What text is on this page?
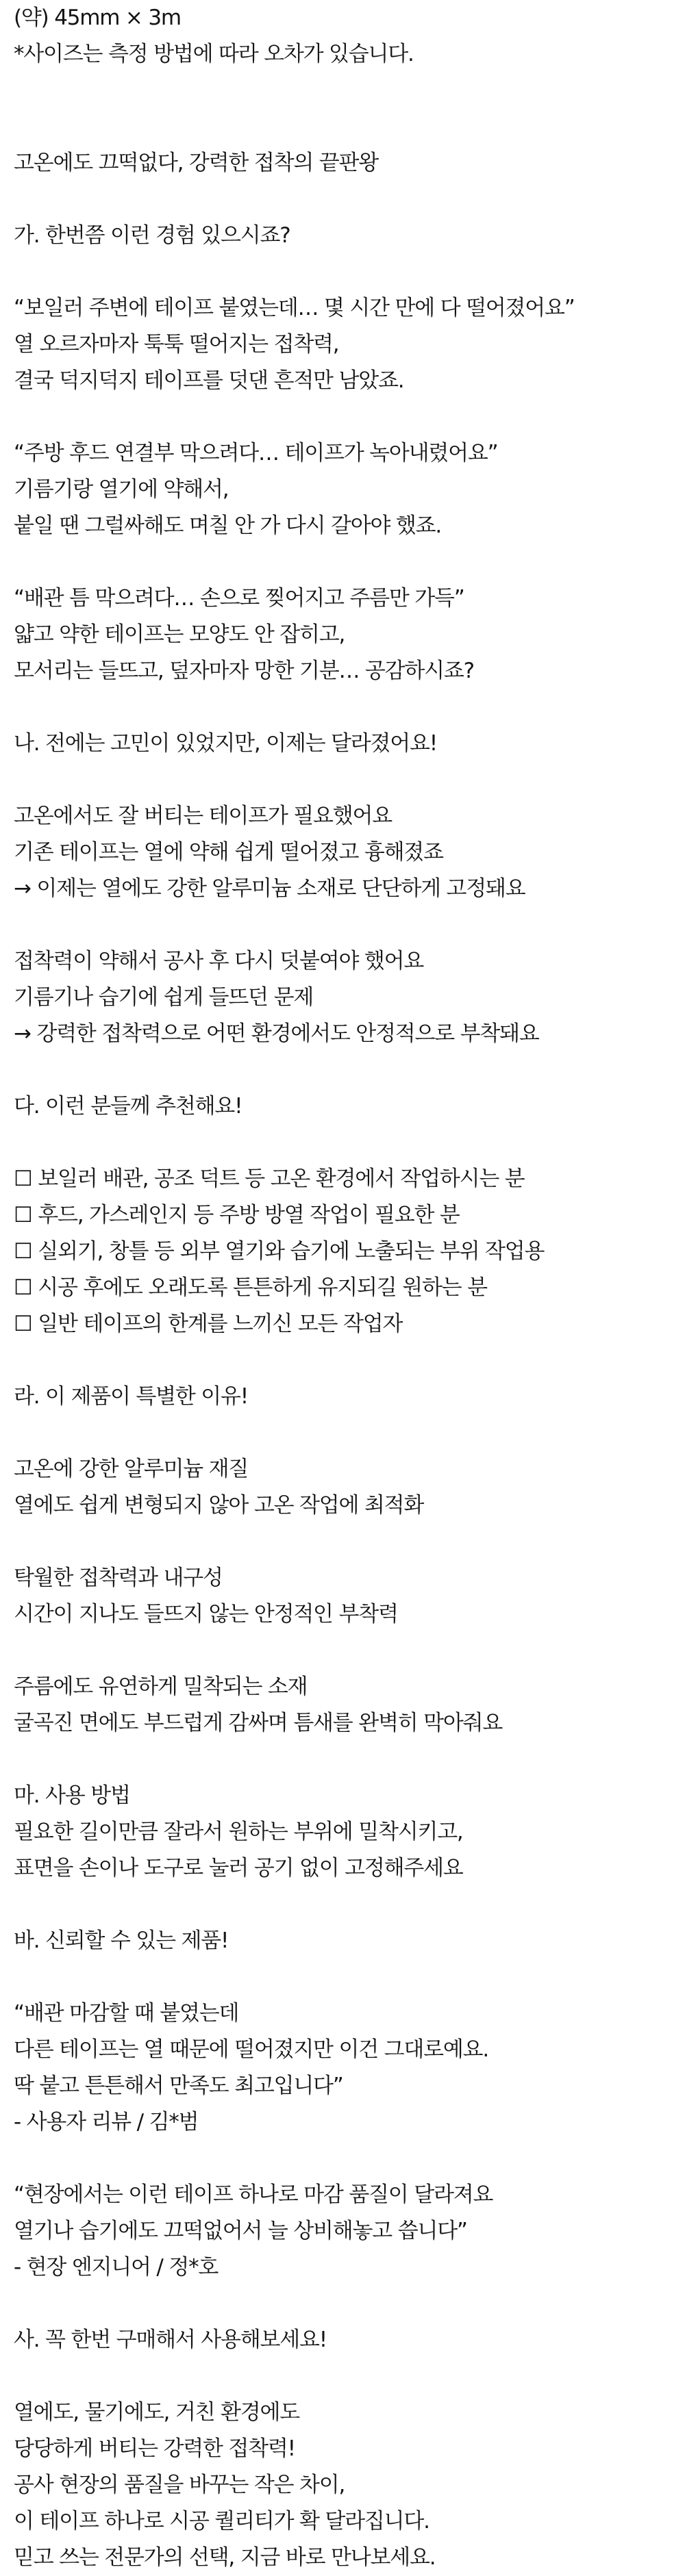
(약) 45mm × 3m
*사이즈는 측정 방법에 따라 오차가 있습니다.
고온에도 끄떡없다, 강력한 접착의 끝판왕
가. 한번쯤 이런 경험 있으시죠?
“보일러 주변에 테이프 붙였는데… 몇 시간 만에 다 떨어졌어요”
열 오르자마자 툭툭 떨어지는 접착력,
결국 덕지덕지 테이프를 덧댄 흔적만 남았죠.
“주방 후드 연결부 막으려다… 테이프가 녹아내렸어요”
기름기랑 열기에 약해서,
붙일 땐 그럴싸해도 며칠 안 가 다시 갈아야 했죠.
“배관 틈 막으려다… 손으로 찢어지고 주름만 가득”
얇고 약한 테이프는 모양도 안 잡히고,
모서리는 들뜨고, 덮자마자 망한 기분… 공감하시죠?
나. 전에는 고민이 있었지만, 이제는 달라졌어요!
고온에서도 잘 버티는 테이프가 필요했어요
기존 테이프는 열에 약해 쉽게 떨어졌고 흉해졌죠
→ 이제는 열에도 강한 알루미늄 소재로 단단하게 고정돼요
접착력이 약해서 공사 후 다시 덧붙여야 했어요
기름기나 습기에 쉽게 들뜨던 문제
→ 강력한 접착력으로 어떤 환경에서도 안정적으로 부착돼요
다. 이런 분들께 추천해요!
☐ 보일러 배관, 공조 덕트 등 고온 환경에서 작업하시는 분
☐ 후드, 가스레인지 등 주방 방열 작업이 필요한 분
☐ 실외기, 창틀 등 외부 열기와 습기에 노출되는 부위 작업용
☐ 시공 후에도 오래도록 튼튼하게 유지되길 원하는 분
☐ 일반 테이프의 한계를 느끼신 모든 작업자
라. 이 제품이 특별한 이유!
고온에 강한 알루미늄 재질
열에도 쉽게 변형되지 않아 고온 작업에 최적화
탁월한 접착력과 내구성
시간이 지나도 들뜨지 않는 안정적인 부착력
주름에도 유연하게 밀착되는 소재
굴곡진 면에도 부드럽게 감싸며 틈새를 완벽히 막아줘요
마. 사용 방법
필요한 길이만큼 잘라서 원하는 부위에 밀착시키고,
표면을 손이나 도구로 눌러 공기 없이 고정해주세요
바. 신뢰할 수 있는 제품!
“배관 마감할 때 붙였는데
다른 테이프는 열 때문에 떨어졌지만 이건 그대로예요.
딱 붙고 튼튼해서 만족도 최고입니다”
- 사용자 리뷰 / 김*범
“현장에서는 이런 테이프 하나로 마감 품질이 달라져요
열기나 습기에도 끄떡없어서 늘 상비해놓고 씁니다”
- 현장 엔지니어 / 정*호
사. 꼭 한번 구매해서 사용해보세요!
열에도, 물기에도, 거친 환경에도
당당하게 버티는 강력한 접착력!
공사 현장의 품질을 바꾸는 작은 차이,
이 테이프 하나로 시공 퀄리티가 확 달라집니다.
믿고 쓰는 전문가의 선택, 지금 바로 만나보세요.
